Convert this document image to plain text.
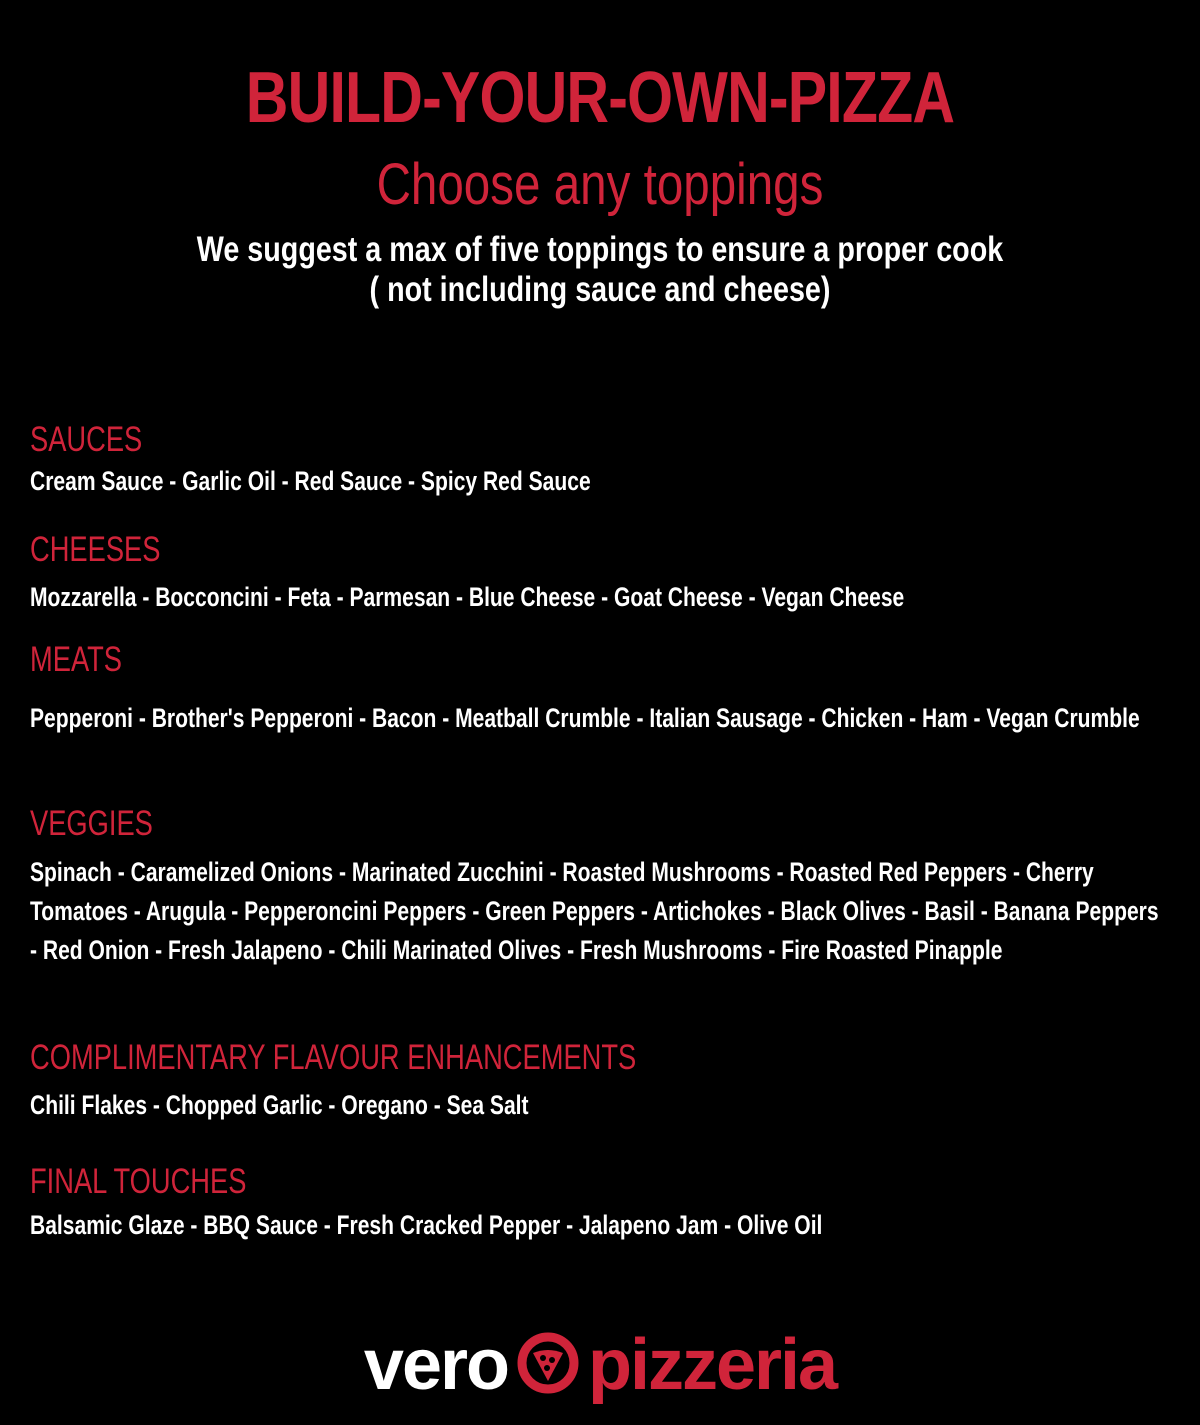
BUILD-YOUR-OWN-PIZZA
Choose any toppings
We suggest a max of five toppings to ensure a proper cook
( not including sauce and cheese)
SAUCES
Cream Sauce - Garlic Oil - Red Sauce - Spicy Red Sauce
CHEESES
Mozzarella - Bocconcini - Feta - Parmesan - Blue Cheese - Goat Cheese - Vegan Cheese
MEATS
Pepperoni - Brother's Pepperoni - Bacon - Meatball Crumble - Italian Sausage - Chicken - Ham - Vegan Crumble
VEGGIES
Spinach - Caramelized Onions - Marinated Zucchini - Roasted Mushrooms - Roasted Red Peppers - Cherry Tomatoes - Arugula - Pepperoncini Peppers - Green Peppers - Artichokes - Black Olives - Basil - Banana Peppers - Red Onion - Fresh Jalapeno - Chili Marinated Olives - Fresh Mushrooms - Fire Roasted Pinapple
COMPLIMENTARY FLAVOUR ENHANCEMENTS
Chili Flakes - Chopped Garlic - Oregano - Sea Salt
FINAL TOUCHES
Balsamic Glaze - BBQ Sauce - Fresh Cracked Pepper - Jalapeno Jam - Olive Oil
vero pizzeria
